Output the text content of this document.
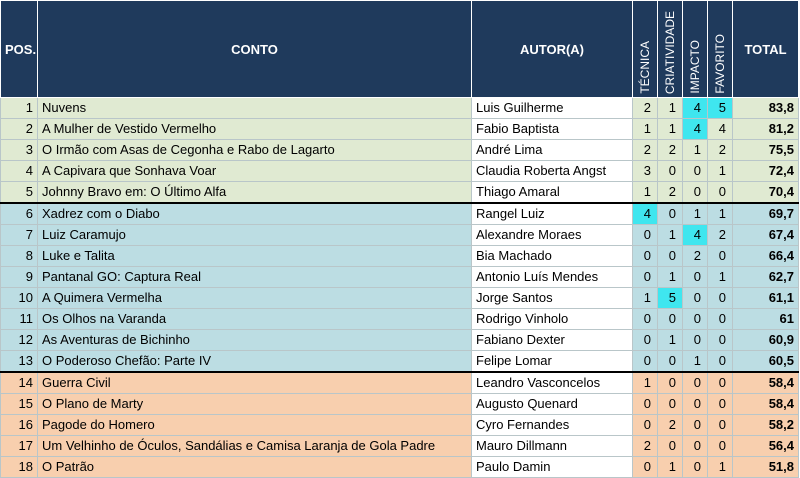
POS.	CONTO	AUTOR(A)	TÉCNICA	CRIATIVIDADE	IMPACTO	FAVORITO	TOTAL
1	Nuvens	Luis Guilherme	2	1	4	5	83,8
2	A Mulher de Vestido Vermelho	Fabio Baptista	1	1	4	4	81,2
3	O Irmão com Asas de Cegonha e Rabo de Lagarto	André Lima	2	2	1	2	75,5
4	A Capivara que Sonhava Voar	Claudia Roberta Angst	3	0	0	1	72,4
5	Johnny Bravo em: O Último Alfa	Thiago Amaral	1	2	0	0	70,4
6	Xadrez com o Diabo	Rangel Luiz	4	0	1	1	69,7
7	Luiz Caramujo	Alexandre Moraes	0	1	4	2	67,4
8	Luke e Talita	Bia Machado	0	0	2	0	66,4
9	Pantanal GO: Captura Real	Antonio Luís Mendes	0	1	0	1	62,7
10	A Quimera Vermelha	Jorge Santos	1	5	0	0	61,1
11	Os Olhos na Varanda	Rodrigo Vinholo	0	0	0	0	61
12	As Aventuras de Bichinho	Fabiano Dexter	0	1	0	0	60,9
13	O Poderoso Chefão: Parte IV	Felipe Lomar	0	0	1	0	60,5
14	Guerra Civil	Leandro Vasconcelos	1	0	0	0	58,4
15	O Plano de Marty	Augusto Quenard	0	0	0	0	58,4
16	Pagode do Homero	Cyro Fernandes	0	2	0	0	58,2
17	Um Velhinho de Óculos, Sandálias e Camisa Laranja de Gola Padre	Mauro Dillmann	2	0	0	0	56,4
18	O Patrão	Paulo Damin	0	1	0	1	51,8
